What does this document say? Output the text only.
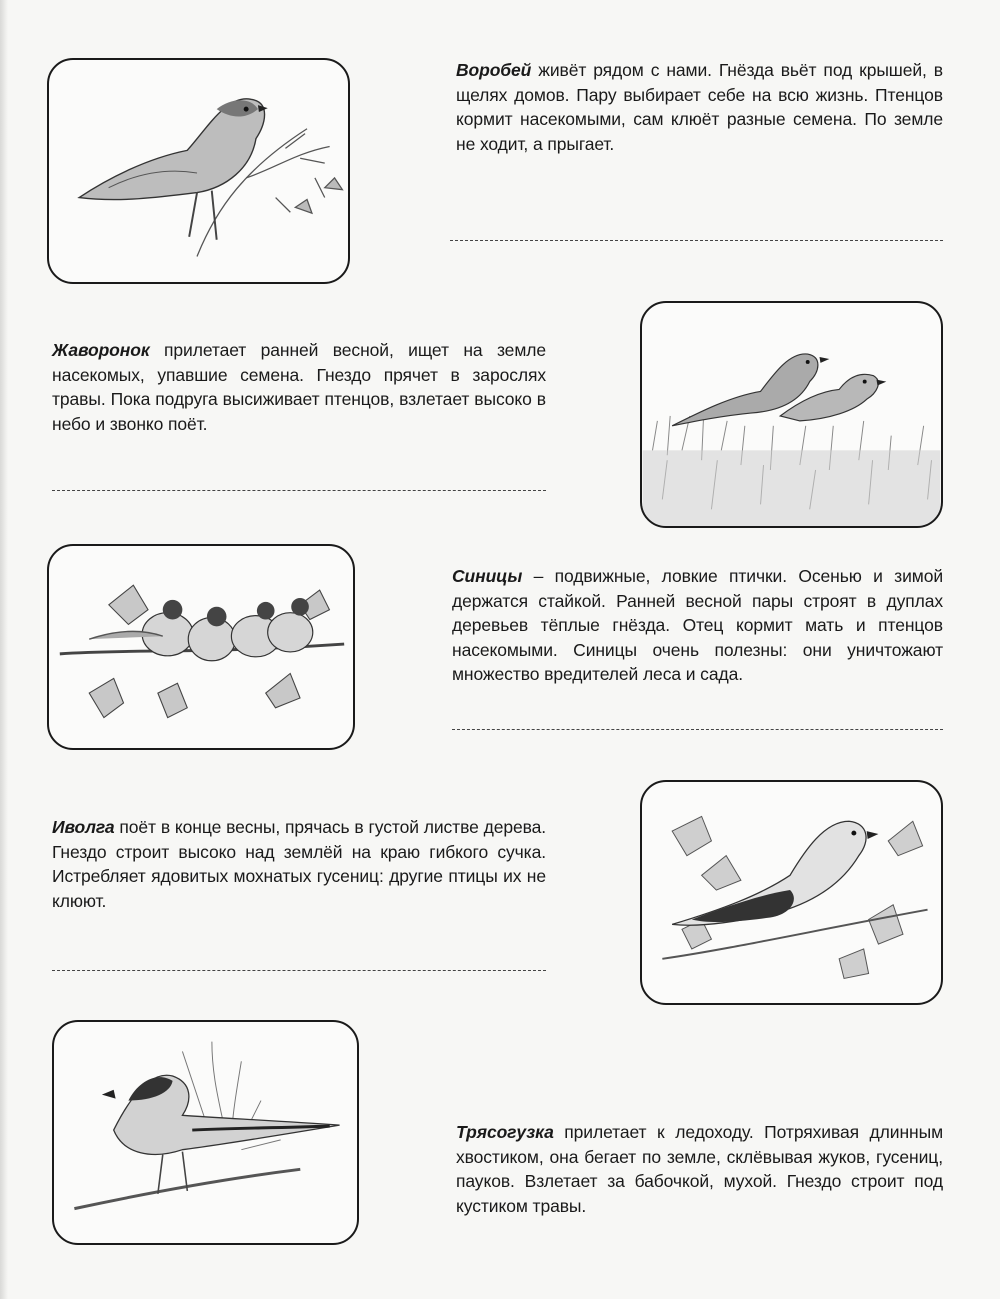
Воробей живёт рядом с нами. Гнёзда вьёт под крышей, в щелях домов. Пару выбирает себе на всю жизнь. Птенцов кормит насекомыми, сам клюёт разные семена. По земле не ходит, а прыгает.
Жаворонок прилетает ранней весной, ищет на земле насекомых, упавшие семена. Гнездо прячет в зарослях травы. Пока подруга высиживает птенцов, взлетает высоко в небо и звонко поёт.
Синицы – подвижные, ловкие птички. Осенью и зимой держатся стайкой. Ранней весной пары строят в дуплах деревьев тёплые гнёзда. Отец кормит мать и птенцов насекомыми. Синицы очень полезны: они уничтожают множество вредителей леса и сада.
Иволга поёт в конце весны, прячась в густой листве дерева. Гнездо строит высоко над землёй на краю гибкого сучка. Истребляет ядовитых мохнатых гусениц: другие птицы их не клюют.
Трясогузка прилетает к ледоходу. Потряхивая длинным хвостиком, она бегает по земле, склёвывая жуков, гусениц, пауков. Взлетает за бабочкой, мухой. Гнездо строит под кустиком травы.
